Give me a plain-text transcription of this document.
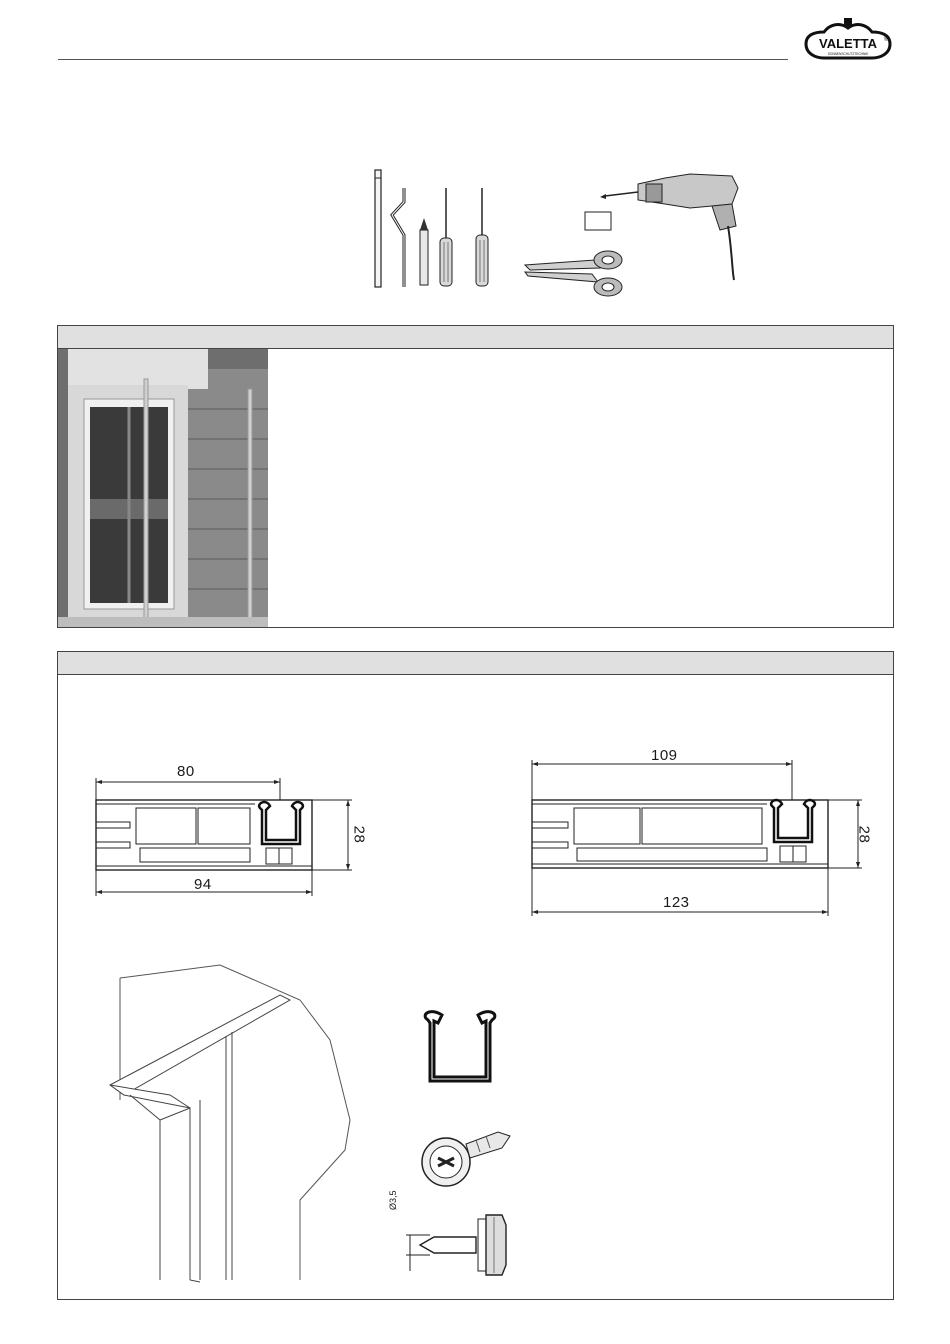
VALETTA ®
SONNENSCHUTZTECHNIK
80
94
28
109
123
28
Ø3,5
